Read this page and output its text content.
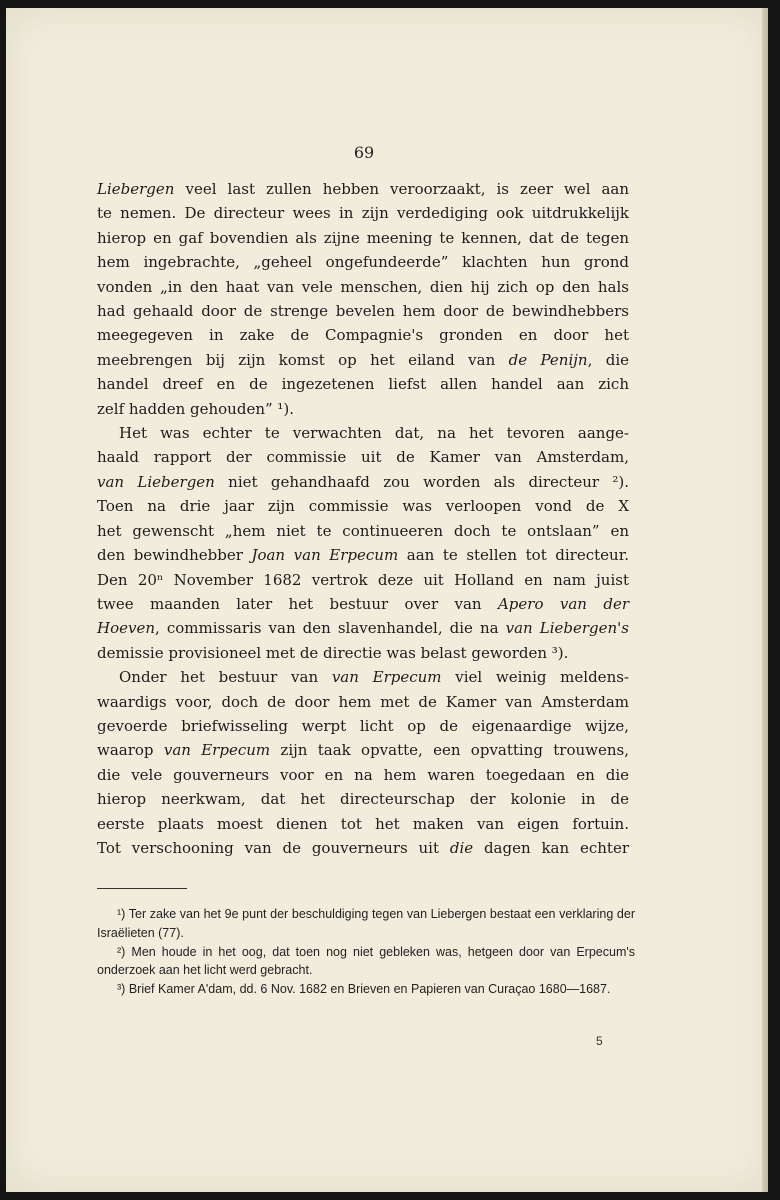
69
Liebergen veel last zullen hebben veroorzaakt, is zeer wel aan
te nemen. De directeur wees in zijn verdediging ook uitdrukkelijk
hierop en gaf bovendien als zijne meening te kennen, dat de tegen
hem ingebrachte, „geheel ongefundeerde” klachten hun grond
vonden „in den haat van vele menschen, dien hij zich op den hals
had gehaald door de strenge bevelen hem door de bewindhebbers
meegegeven in zake de Compagnie's gronden en door het
meebrengen bij zijn komst op het eiland van de Penijn, die
handel dreef en de ingezetenen liefst allen handel aan zich
zelf hadden gehouden” ¹).
Het was echter te verwachten dat, na het tevoren aange-
haald rapport der commissie uit de Kamer van Amsterdam,
van Liebergen niet gehandhaafd zou worden als directeur ²).
Toen na drie jaar zijn commissie was verloopen vond de X
het gewenscht „hem niet te continueeren doch te ontslaan” en
den bewindhebber Joan van Erpecum aan te stellen tot directeur.
Den 20ⁿ November 1682 vertrok deze uit Holland en nam juist
twee maanden later het bestuur over van Apero van der
Hoeven, commissaris van den slavenhandel, die na van Liebergen's
demissie provisioneel met de directie was belast geworden ³).
Onder het bestuur van van Erpecum viel weinig meldens-
waardigs voor, doch de door hem met de Kamer van Amsterdam
gevoerde briefwisseling werpt licht op de eigenaardige wijze,
waarop van Erpecum zijn taak opvatte, een opvatting trouwens,
die vele gouverneurs voor en na hem waren toegedaan en die
hierop neerkwam, dat het directeurschap der kolonie in de
eerste plaats moest dienen tot het maken van eigen fortuin.
Tot verschooning van de gouverneurs uit die dagen kan echter

¹) Ter zake van het 9e punt der beschuldiging tegen van Liebergen bestaat een verklaring der Israëlieten (77).

²) Men houde in het oog, dat toen nog niet gebleken was, hetgeen door van Erpecum's onderzoek aan het licht werd gebracht.

³) Brief Kamer A'dam, dd. 6 Nov. 1682 en Brieven en Papieren van Curaçao 1680—1687.

5
